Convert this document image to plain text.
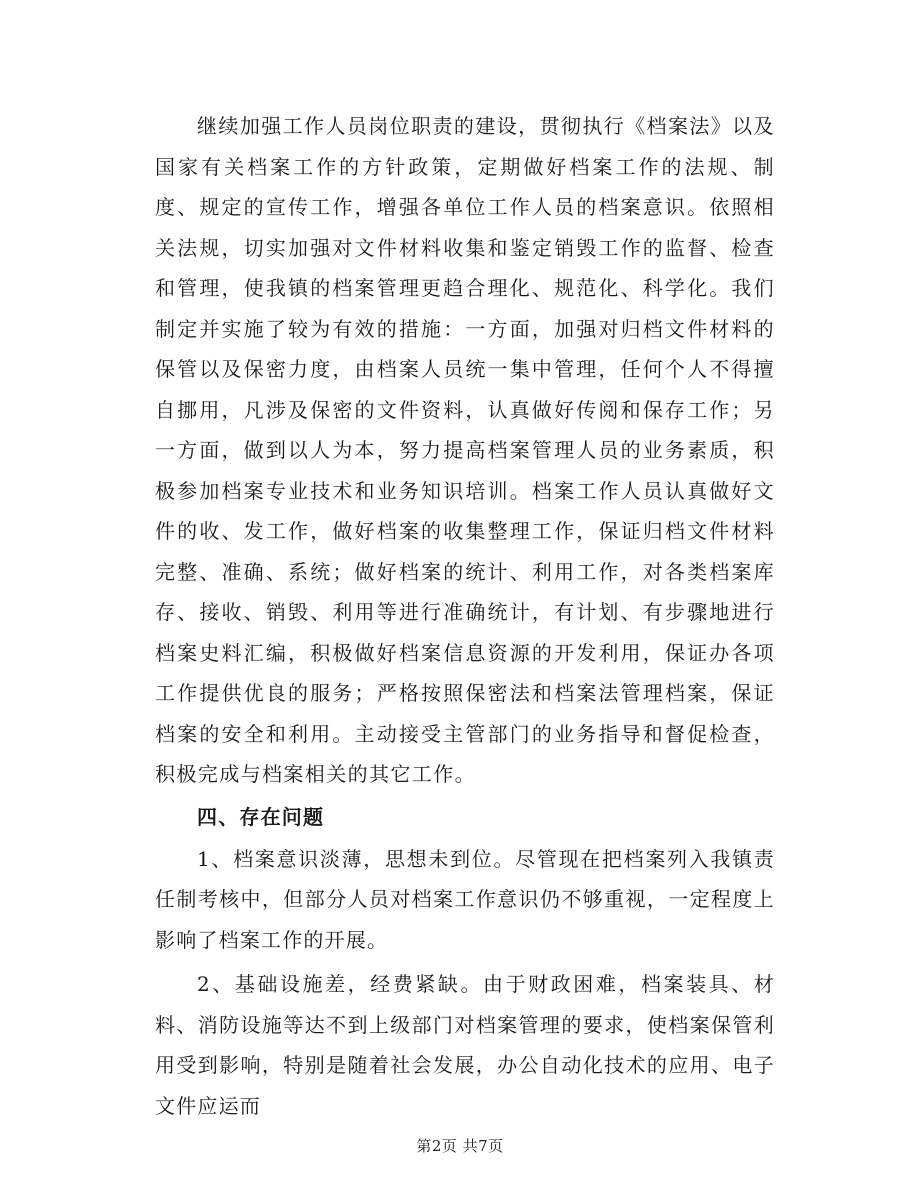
继续加强工作人员岗位职责的建设，贯彻执行《档案法》以及国家有关档案工作的方针政策，定期做好档案工作的法规、制度、规定的宣传工作，增强各单位工作人员的档案意识。依照相关法规，切实加强对文件材料收集和鉴定销毁工作的监督、检查和管理，使我镇的档案管理更趋合理化、规范化、科学化。我们制定并实施了较为有效的措施：一方面，加强对归档文件材料的保管以及保密力度，由档案人员统一集中管理，任何个人不得擅自挪用，凡涉及保密的文件资料，认真做好传阅和保存工作；另一方面，做到以人为本，努力提高档案管理人员的业务素质，积极参加档案专业技术和业务知识培训。档案工作人员认真做好文件的收、发工作，做好档案的收集整理工作，保证归档文件材料完整、准确、系统；做好档案的统计、利用工作，对各类档案库存、接收、销毁、利用等进行准确统计，有计划、有步骤地进行档案史料汇编，积极做好档案信息资源的开发利用，保证办各项工作提供优良的服务；严格按照保密法和档案法管理档案，保证档案的安全和利用。主动接受主管部门的业务指导和督促检查，积极完成与档案相关的其它工作。

四、存在问题

1、档案意识淡薄，思想未到位。尽管现在把档案列入我镇责任制考核中，但部分人员对档案工作意识仍不够重视，一定程度上影响了档案工作的开展。

2、基础设施差，经费紧缺。由于财政困难，档案装具、材料、消防设施等达不到上级部门对档案管理的要求，使档案保管利用受到影响，特别是随着社会发展，办公自动化技术的应用、电子文件应运而

第2页 共7页
